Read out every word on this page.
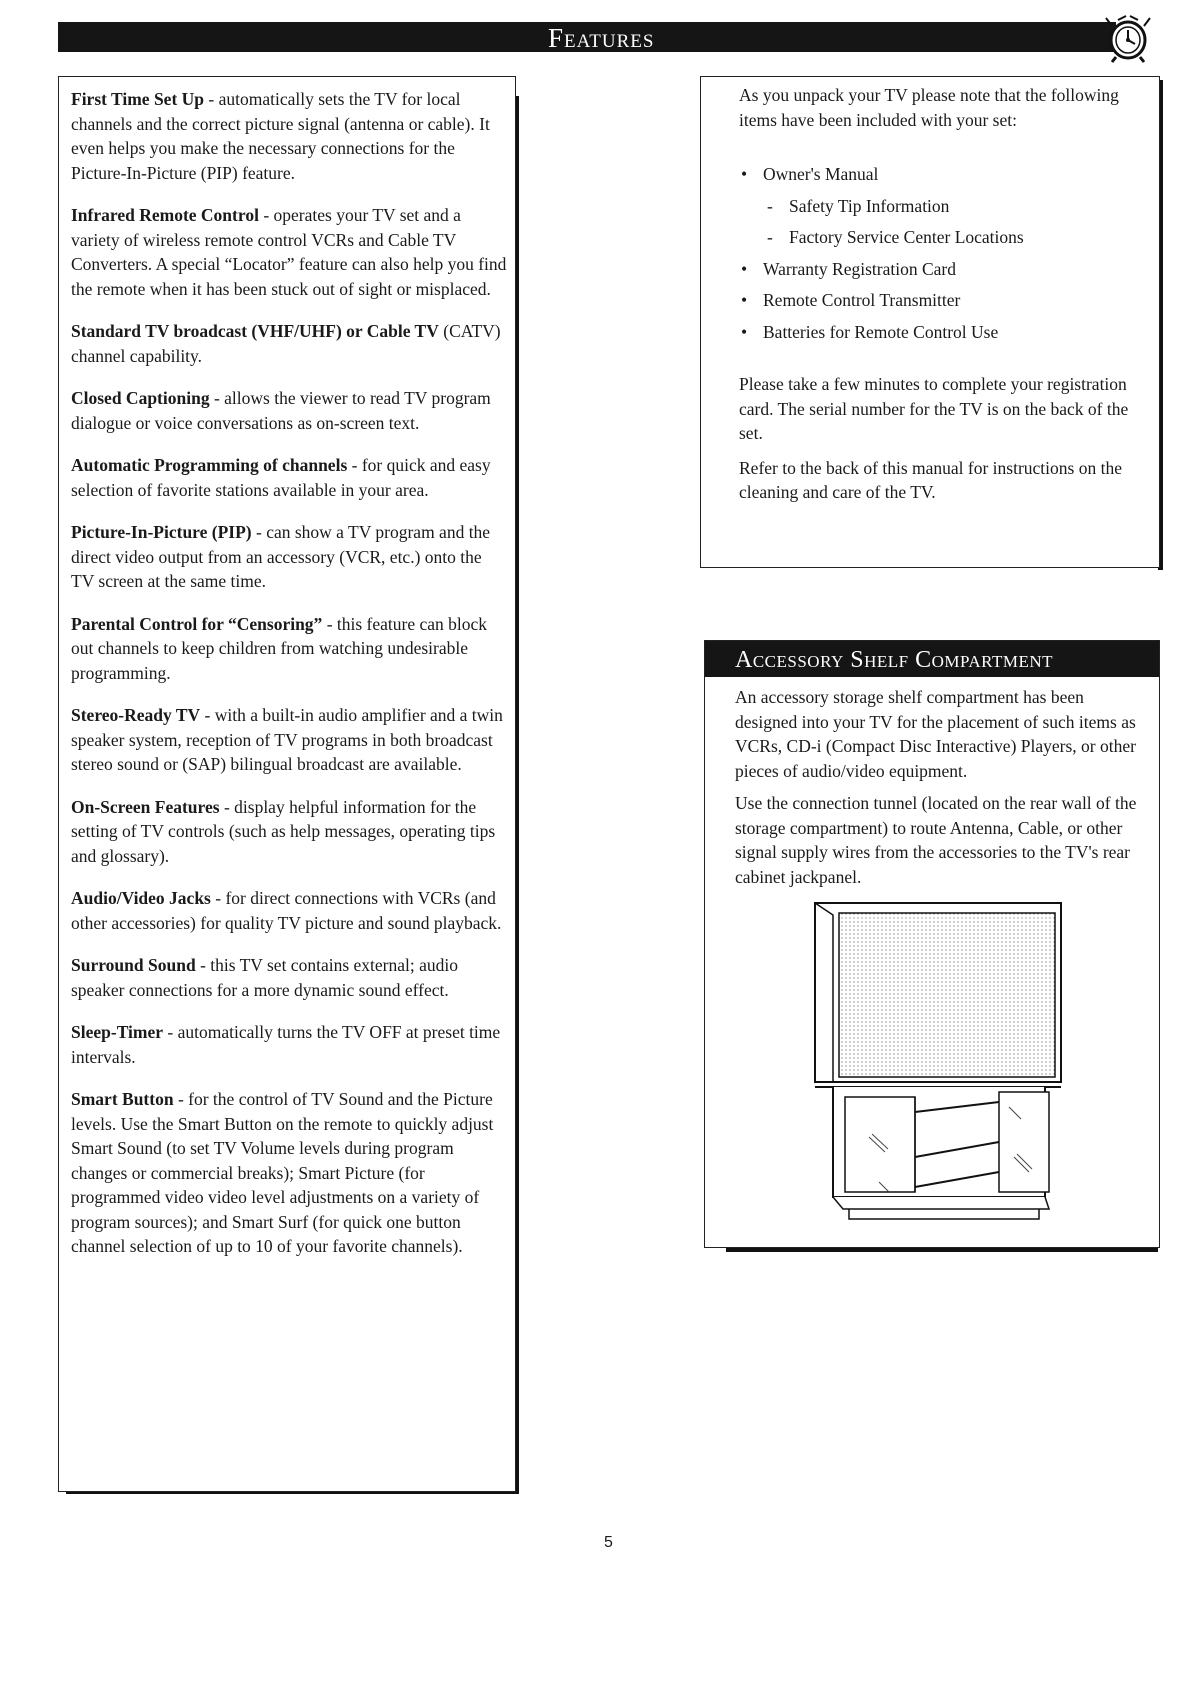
Features

First Time Set Up - automatically sets the TV for local channels and the correct picture signal (antenna or cable). It even helps you make the necessary connections for the Picture-In-Picture (PIP) feature.

Infrared Remote Control - operates your TV set and a variety of wireless remote control VCRs and Cable TV Converters. A special “Locator” feature can also help you find the remote when it has been stuck out of sight or misplaced.

Standard TV broadcast (VHF/UHF) or Cable TV (CATV) channel capability.

Closed Captioning - allows the viewer to read TV program dialogue or voice conversations as on-screen text.

Automatic Programming of channels - for quick and easy selection of favorite stations available in your area.

Picture-In-Picture (PIP) - can show a TV program and the direct video output from an accessory (VCR, etc.) onto the TV screen at the same time.

Parental Control for “Censoring” - this feature can block out channels to keep children from watching undesirable programming.

Stereo-Ready TV - with a built-in audio amplifier and a twin speaker system, reception of TV programs in both broadcast stereo sound or (SAP) bilingual broadcast are available.

On-Screen Features - display helpful information for the setting of TV controls (such as help messages, operating tips and glossary).

Audio/Video Jacks - for direct connections with VCRs (and other accessories) for quality TV picture and sound playback.

Surround Sound - this TV set contains external; audio speaker connections for a more dynamic sound effect.

Sleep-Timer - automatically turns the TV OFF at preset time intervals.

Smart Button - for the control of TV Sound and the Picture levels. Use the Smart Button on the remote to quickly adjust Smart Sound (to set TV Volume levels during program changes or commercial breaks); Smart Picture (for programmed video video level adjustments on a variety of program sources); and Smart Surf (for quick one button channel selection of up to 10 of your favorite channels).

As you unpack your TV please note that the following items have been included with your set:

• Owner's Manual
- Safety Tip Information
- Factory Service Center Locations
• Warranty Registration Card
• Remote Control Transmitter
• Batteries for Remote Control Use

Please take a few minutes to complete your registration card. The serial number for the TV is on the back of the set.

Refer to the back of this manual for instructions on the cleaning and care of the TV.

Accessory Shelf Compartment

An accessory storage shelf compartment has been designed into your TV for the placement of such items as VCRs, CD-i (Compact Disc Interactive) Players, or other pieces of audio/video equipment.

Use the connection tunnel (located on the rear wall of the storage compartment) to route Antenna, Cable, or other signal supply wires from the accessories to the TV's rear cabinet jackpanel.

5
